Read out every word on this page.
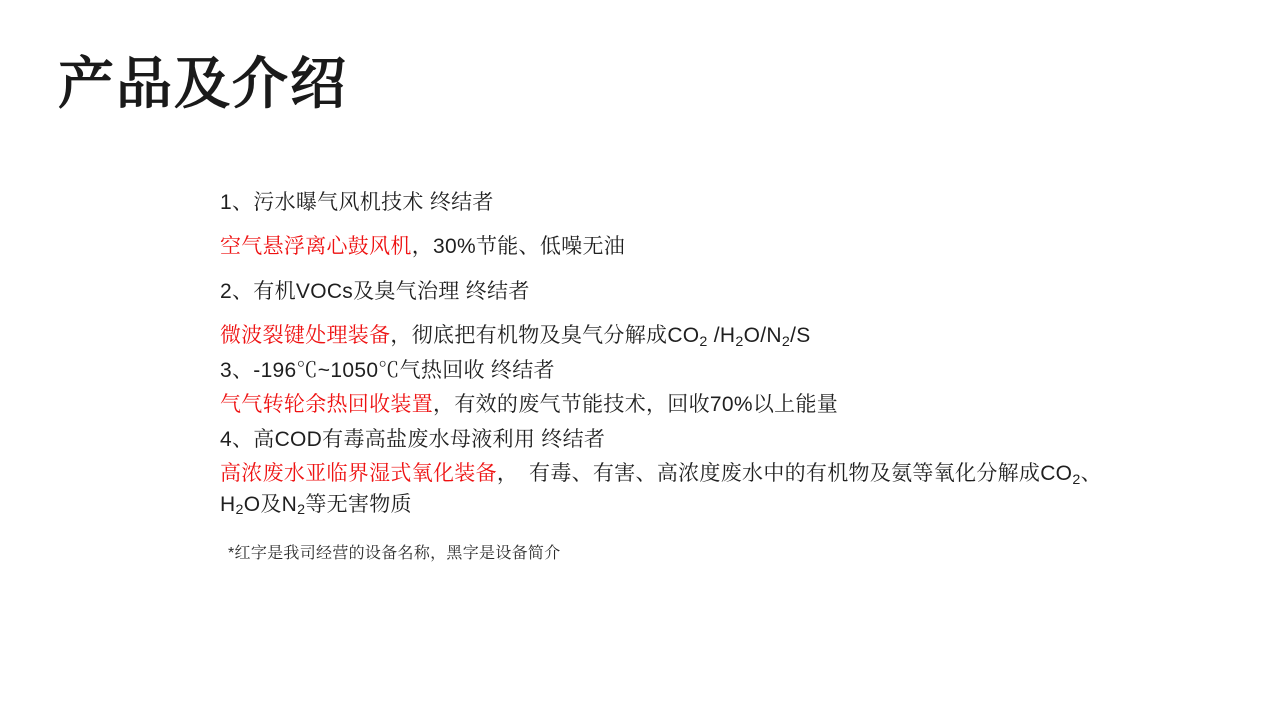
产品及介绍

1、污水曝气风机技术 终结者

空气悬浮离心鼓风机，30%节能、低噪无油

2、有机VOCs及臭气治理 终结者

微波裂键处理装备，彻底把有机物及臭气分解成$CO_2$ $/H_2O/N_2/S$

3、-196℃~1050℃气热回收 终结者

气气转轮余热回收装置，有效的废气节能技术，回收70%以上能量

4、高COD有毒高盐废水母液利用 终结者

高浓废水亚临界湿式氧化装备，　有毒、有害、高浓度废水中的有机物及氨等氧化分解成$CO_2$、 $H_2O$及$N_2$等无害物质

*红字是我司经营的设备名称，黑字是设备简介
